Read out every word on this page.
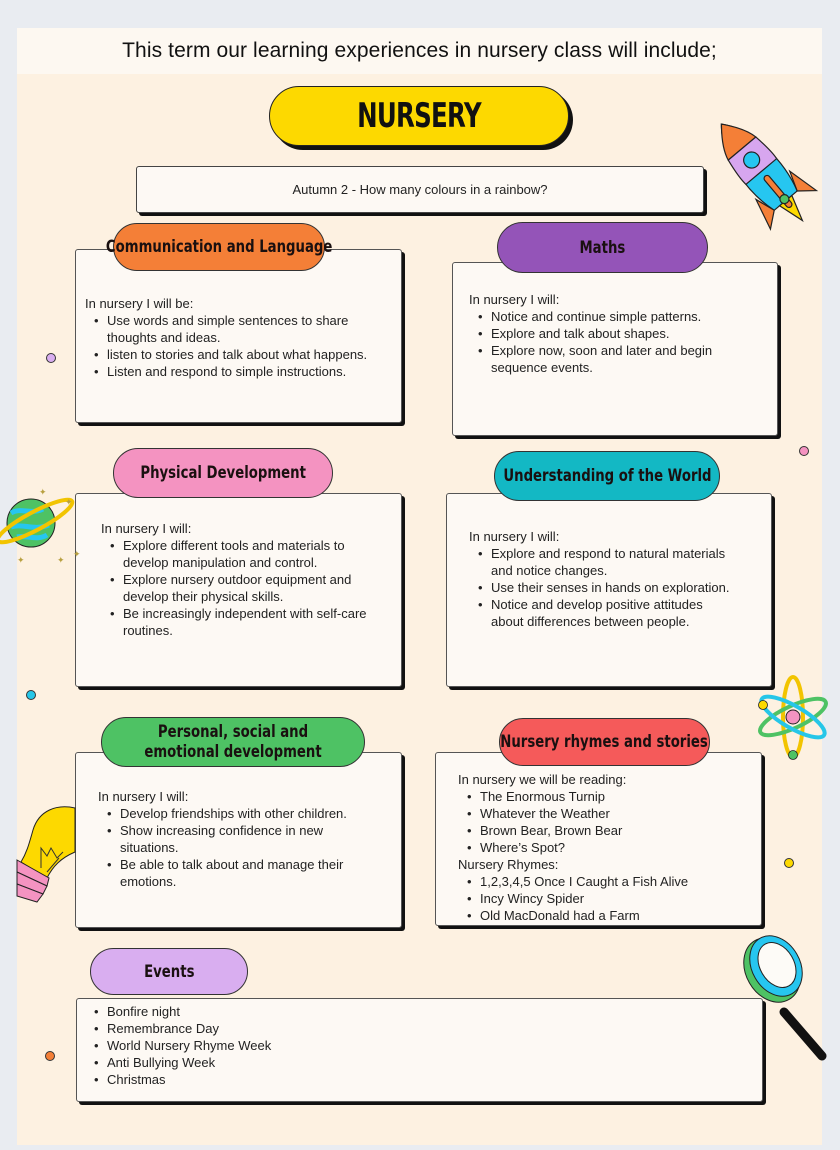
This term our learning experiences in nursery class will include;
NURSERY
Autumn 2 - How many colours in a rainbow?
Communication and Language

In nursery I will be:

• Use words and simple sentences to share thoughts and ideas.
• listen to stories and talk about what happens.
• Listen and respond to simple instructions.
Maths

In nursery I will:

• Notice and continue simple patterns.
• Explore and talk about shapes.
• Explore now, soon and later and begin sequence events.
Physical Development

In nursery I will:

• Explore different tools and materials to develop manipulation and control.
• Explore nursery outdoor equipment and develop their physical skills.
• Be increasingly independent with self-care routines.
Understanding of the World

In nursery I will:

• Explore and respond to natural materials and notice changes.
• Use their senses in hands on exploration.
• Notice and develop positive attitudes about differences between people.
Personal, social and emotional development

In nursery I will:

• Develop friendships with other children.
• Show increasing confidence in new situations.
• Be able to talk about and manage their emotions.
Nursery rhymes and stories

In nursery we will be reading:

• The Enormous Turnip
• Whatever the Weather
• Brown Bear, Brown Bear
• Where’s Spot?

Nursery Rhymes:

• 1,2,3,4,5 Once I Caught a Fish Alive
• Incy Wincy Spider
• Old MacDonald had a Farm
Events
• Bonfire night
• Remembrance Day
• World Nursery Rhyme Week
• Anti Bullying Week
• Christmas
✦
✦
✦
✦
✦
